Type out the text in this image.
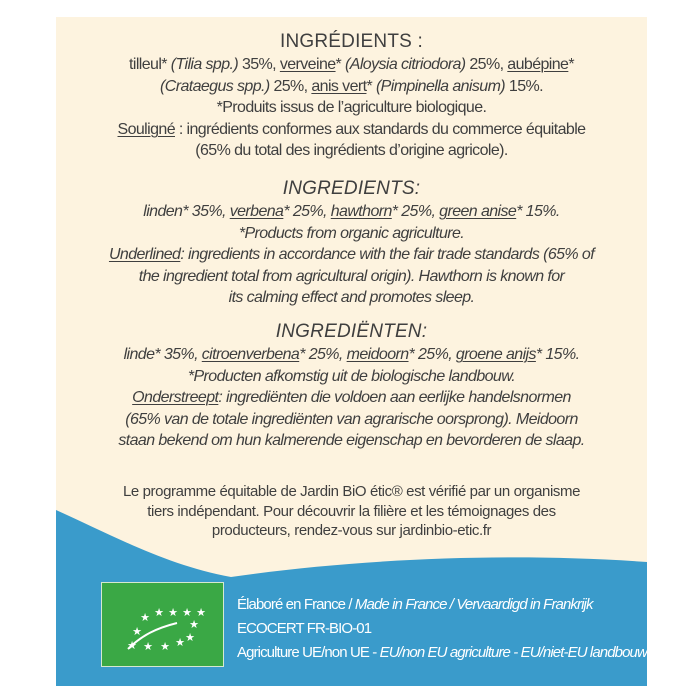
INGRÉDIENTS :
tilleul* (Tilia spp.) 35%, verveine* (Aloysia citriodora) 25%, aubépine*
(Crataegus spp.) 25%, anis vert* (Pimpinella anisum) 15%.
*Produits issus de l’agriculture biologique.
Souligné : ingrédients conformes aux standards du commerce équitable
(65% du total des ingrédients d’origine agricole).
INGREDIENTS:
linden* 35%, verbena* 25%, hawthorn* 25%, green anise* 15%.
*Products from organic agriculture.
Underlined: ingredients in accordance with the fair trade standards (65% of
the ingredient total from agricultural origin). Hawthorn is known for
its calming effect and promotes sleep.
INGREDIËNTEN:
linde* 35%, citroenverbena* 25%, meidoorn* 25%, groene anijs* 15%.
*Producten afkomstig uit de biologische landbouw.
Onderstreept: ingrediënten die voldoen aan eerlijke handelsnormen
(65% van de totale ingrediënten van agrarische oorsprong). Meidoorn
staan bekend om hun kalmerende eigenschap en bevorderen de slaap.
Le programme équitable de Jardin BiO étic® est vérifié par un organisme
tiers indépendant. Pour découvrir la filière et les témoignages des
producteurs, rendez-vous sur jardinbio-etic.fr
★ ★ ★ ★ ★
★
★
★
★ ★ ★ ★
Élaboré en France / Made in France / Vervaardigd in Frankrijk
ECOCERT FR-BIO-01
Agriculture UE/non UE - EU/non EU agriculture - EU/niet-EU landbouw
